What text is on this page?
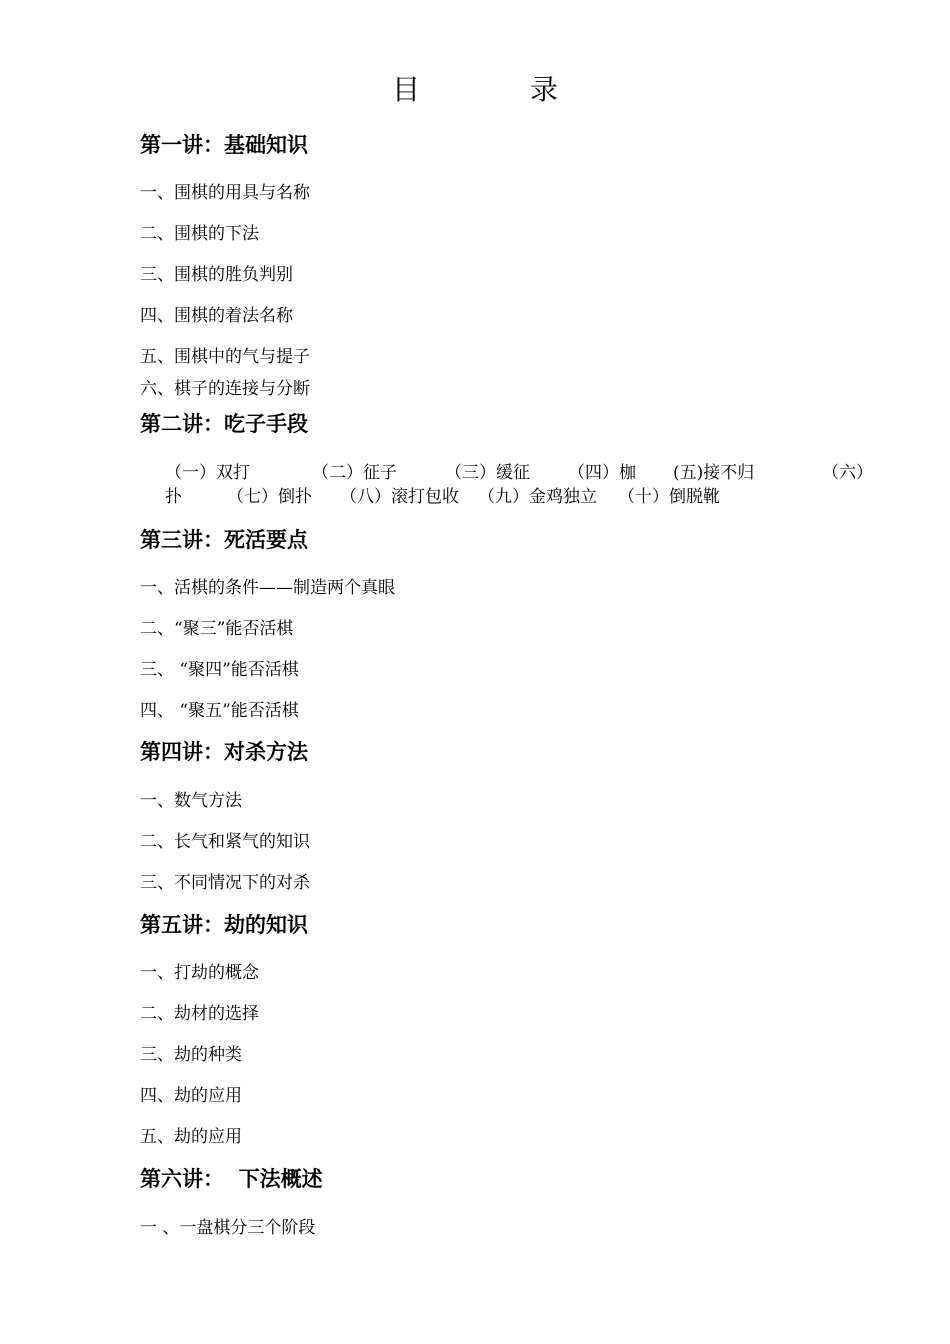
目	录
第一讲：基础知识
一、围棋的用具与名称
二、围棋的下法
三、围棋的胜负判别
四、围棋的着法名称
五、围棋中的气与提子
六、棋子的连接与分断
第二讲：吃子手段
（一）双打	（二）征子	（三）缓征 （四）枷 (五)接不归	（六）
扑	（七）倒扑 （八）滚打包收 （九）金鸡独立 （十）倒脱靴
第三讲：死活要点
一、活棋的条件——制造两个真眼
二、“聚三”能否活棋
三、 “聚四”能否活棋
四、 “聚五”能否活棋
第四讲：对杀方法
一、数气方法
二、长气和紧气的知识
三、不同情况下的对杀
第五讲：劫的知识
一、打劫的概念
二、劫材的选择
三、劫的种类
四、劫的应用
五、劫的应用
第六讲：  下法概述
一 、一盘棋分三个阶段
